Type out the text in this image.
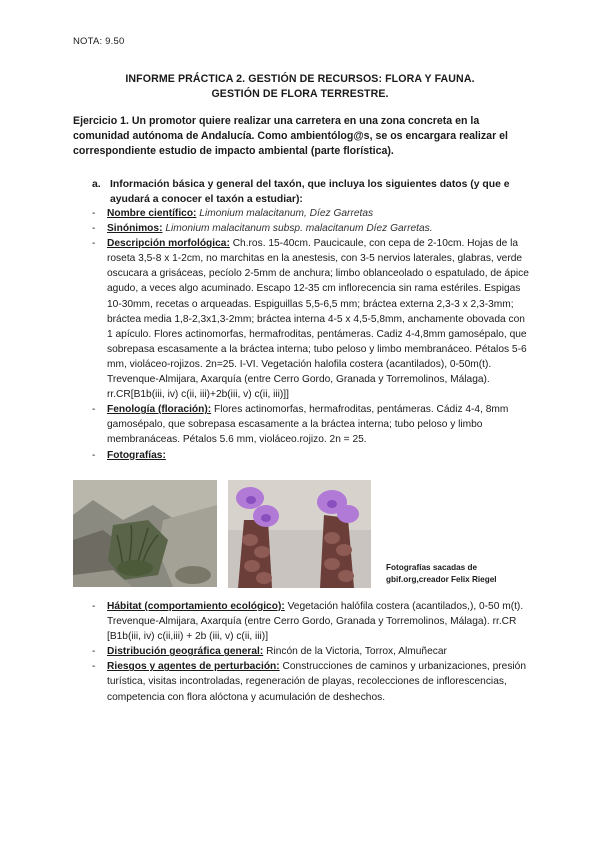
NOTA: 9.50
INFORME PRÁCTICA 2. GESTIÓN DE RECURSOS: FLORA Y FAUNA.
GESTIÓN DE FLORA TERRESTRE.
Ejercicio 1. Un promotor quiere realizar una carretera en una zona concreta en la comunidad autónoma de Andalucía. Como ambientólog@s, se os encargara realizar el correspondiente estudio de impacto ambiental (parte florística).
a. Información básica y general del taxón, que incluya los siguientes datos (y que e ayudará a conocer el taxón a estudiar):
- Nombre científico: Limonium malacitanum, Díez Garretas
- Sinónimos: Limonium malacitanum subsp. malacitanum Díez Garretas.
- Descripción morfológica: Ch.ros. 15-40cm. Paucicaule, con cepa de 2-10cm. Hojas de la roseta 3,5-8 x 1-2cm, no marchitas en la anestesis, con 3-5 nervios laterales, glabras, verde oscucara a grisáceas, pecíolo 2-5mm de anchura; limbo oblanceolado o espatulado, de ápice agudo, a veces algo acuminado. Escapo 12-35 cm inflorecencia sin rama estériles. Espigas 10-30mm, recetas o arqueadas. Espiguillas 5,5-6,5 mm; bráctea externa 2,3-3 x 2,3-3mm; bráctea media 1,8-2,3x1,3-2mm; bráctea interna 4-5 x 4,5-5,8mm, anchamente obovada con 1 apículo. Flores actinomorfas, hermafroditas, pentámeras. Cadiz 4-4,8mm gamosépalo, que sobrepasa escasamente a la bráctea interna; tubo peloso y limbo membranáceo. Pétalos 5-6 mm, violáceo-rojizos. 2n=25. I-VI. Vegetación halofila costera (acantilados), 0-50m(t). Trevenque-Almijara, Axarquía (entre Cerro Gordo, Granada y Torremolinos, Málaga). rr.CR[B1b(iii, iv) c(ii, iii)+2b(iii, v) c(ii, iii)]]
- Fenología (floración): Flores actinomorfas, hermafroditas, pentámeras. Cádiz 4-4, 8mm gamosépalo, que sobrepasa escasamente a la bráctea interna; tubo peloso y limbo membranáceas. Pétalos 5.6 mm, violáceo.rojizo. 2n = 25.
- Fotografías:
Fotografías sacadas de gbif.org,creador Felix Riegel
- Hábitat (comportamiento ecológico): Vegetación halófila costera (acantilados,), 0-50 m(t). Trevenque-Almijara, Axarquía (entre Cerro Gordo, Granada y Torremolinos, Málaga). rr.CR [B1b(iii, iv) c(ii,iii) + 2b (iii, v) c(ii, iii)]
- Distribución geográfica general: Rincón de la Victoria, Torrox, Almuñecar
- Riesgos y agentes de perturbación: Construcciones de caminos y urbanizaciones, presión turística, visitas incontroladas, regeneración de playas, recolecciones de inflorescencias, competencia con flora alóctona y acumulación de deshechos.
